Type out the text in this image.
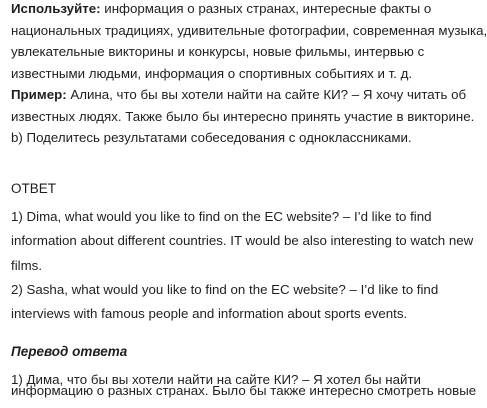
Используйте: информация о разных странах, интересные факты о
национальных традициях, удивительные фотографии, современная музыка,
увлекательные викторины и конкурсы, новые фильмы, интервью с
известными людьми, информация о спортивных событиях и т. д.

Пример: Алина, что бы вы хотели найти на сайте КИ? – Я хочу читать об
известных людях. Также было бы интересно принять участие в викторине.

b) Поделитесь результатами собеседования с одноклассниками.

ОТВЕТ
1) Dima, what would you like to find on the EC website? – I’d like to find
information about different countries. IT would be also interesting to watch new
films.
2) Sasha, what would you like to find on the EC website? – I’d like to find
interviews with famous people and information about sports events.
Перевод ответа
1) Дима, что бы вы хотели найти на сайте КИ? – Я хотел бы найти
информацию о разных странах. Было бы также интересно смотреть новые
